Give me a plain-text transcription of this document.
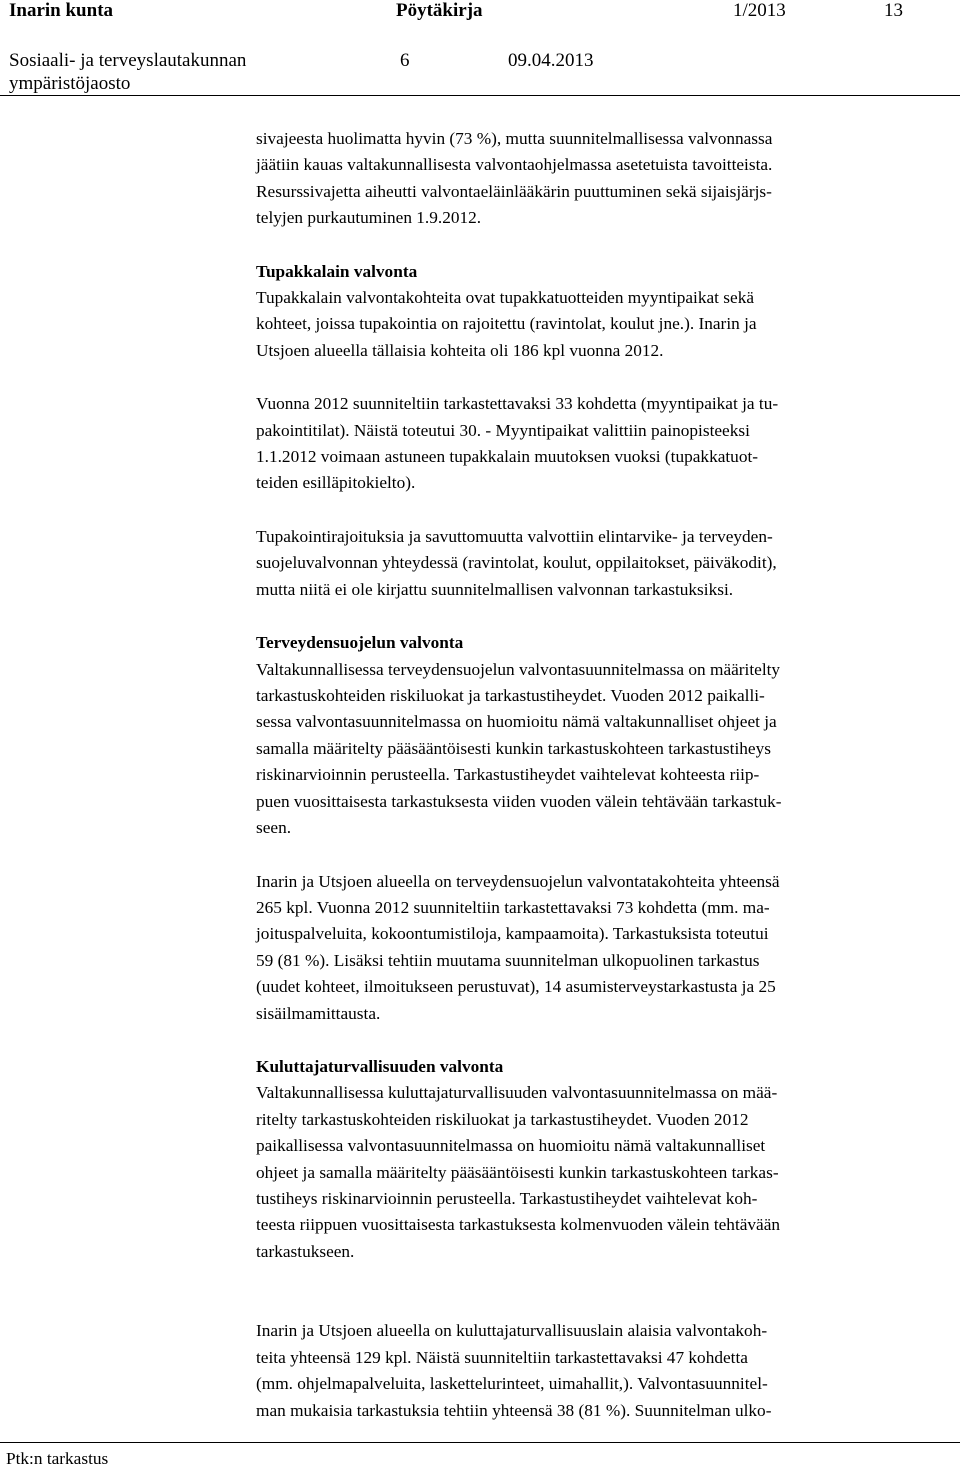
Inarin kunta	Pöytäkirja	1/2013	13
Sosiaali- ja terveyslautakunnan
ympäristöjaosto
6	09.04.2013
sivajeesta huolimatta hyvin (73 %), mutta suunnitelmallisessa valvonnassa
jäätiin kauas valtakunnallisesta valvontaohjelmassa asetetuista tavoitteista.
Resurssivajetta aiheutti valvontaeläinlääkärin puuttuminen sekä sijaisjärjs-
telyjen purkautuminen 1.9.2012.
Tupakkalain valvonta
Tupakkalain valvontakohteita ovat tupakkatuotteiden myyntipaikat sekä
kohteet, joissa tupakointia on rajoitettu (ravintolat, koulut jne.). Inarin ja
Utsjoen alueella tällaisia kohteita oli 186 kpl vuonna 2012.
Vuonna 2012 suunniteltiin tarkastettavaksi 33 kohdetta (myyntipaikat ja tu-
pakointitilat). Näistä toteutui 30. - Myyntipaikat valittiin painopisteeksi
1.1.2012 voimaan astuneen tupakkalain muutoksen vuoksi (tupakkatuot-
teiden esilläpitokielto).
Tupakointirajoituksia ja savuttomuutta valvottiin elintarvike- ja terveyden-
suojeluvalvonnan yhteydessä (ravintolat, koulut, oppilaitokset, päiväkodit),
mutta niitä ei ole kirjattu suunnitelmallisen valvonnan tarkastuksiksi.
Terveydensuojelun valvonta
Valtakunnallisessa terveydensuojelun valvontasuunnitelmassa on määritelty
tarkastuskohteiden riskiluokat ja tarkastustiheydet. Vuoden 2012 paikalli-
sessa valvontasuunnitelmassa on huomioitu nämä valtakunnalliset ohjeet ja
samalla määritelty pääsääntöisesti kunkin tarkastuskohteen tarkastustiheys
riskinarvioinnin perusteella. Tarkastustiheydet vaihtelevat kohteesta riip-
puen vuosittaisesta tarkastuksesta viiden vuoden välein tehtävään tarkastuk-
seen.
Inarin ja Utsjoen alueella on terveydensuojelun valvontatakohteita yhteensä
265 kpl. Vuonna 2012 suunniteltiin tarkastettavaksi 73 kohdetta (mm. ma-
joituspalveluita, kokoontumistiloja, kampaamoita). Tarkastuksista toteutui
59 (81 %). Lisäksi tehtiin muutama suunnitelman ulkopuolinen tarkastus
(uudet kohteet, ilmoitukseen perustuvat), 14 asumisterveystarkastusta ja 25
sisäilmamittausta.
Kuluttajaturvallisuuden valvonta
Valtakunnallisessa kuluttajaturvallisuuden valvontasuunnitelmassa on mää-
ritelty tarkastuskohteiden riskiluokat ja tarkastustiheydet. Vuoden 2012
paikallisessa valvontasuunnitelmassa on huomioitu nämä valtakunnalliset
ohjeet ja samalla määritelty pääsääntöisesti kunkin tarkastuskohteen tarkas-
tustiheys riskinarvioinnin perusteella. Tarkastustiheydet vaihtelevat koh-
teesta riippuen vuosittaisesta tarkastuksesta kolmenvuoden välein tehtävään
tarkastukseen.
Inarin ja Utsjoen alueella on kuluttajaturvallisuuslain alaisia valvontakoh-
teita yhteensä 129 kpl. Näistä suunniteltiin tarkastettavaksi 47 kohdetta
(mm. ohjelmapalveluita, laskettelurinteet, uimahallit,). Valvontasuunnitel-
man mukaisia tarkastuksia tehtiin yhteensä 38 (81 %). Suunnitelman ulko-
Ptk:n tarkastus
